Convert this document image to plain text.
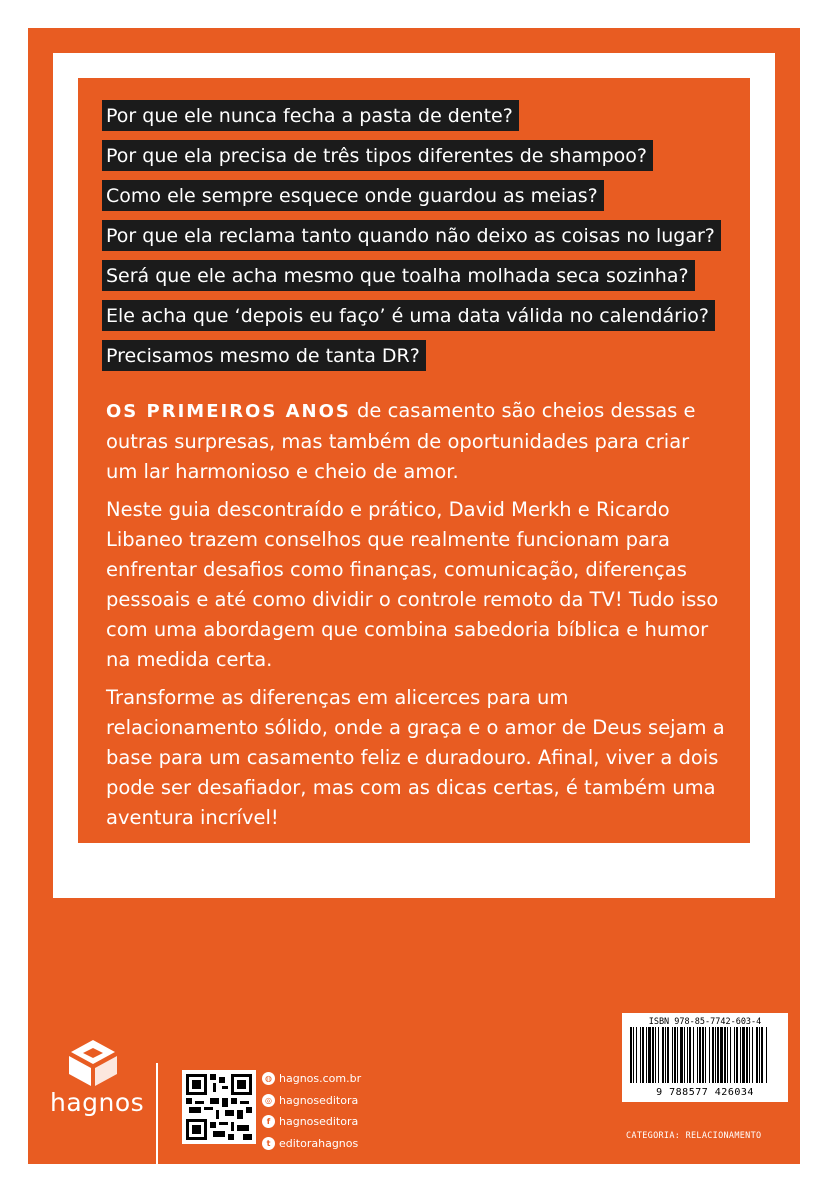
Por que ele nunca fecha a pasta de dente?
Por que ela precisa de três tipos diferentes de shampoo?
Como ele sempre esquece onde guardou as meias?
Por que ela reclama tanto quando não deixo as coisas no lugar?
Será que ele acha mesmo que toalha molhada seca sozinha?
Ele acha que ‘depois eu faço’ é uma data válida no calendário?
Precisamos mesmo de tanta DR?

OS PRIMEIROS ANOS de casamento são cheios dessas e outras surpresas, mas também de oportunidades para criar um lar harmonioso e cheio de amor.

Neste guia descontraído e prático, David Merkh e Ricardo Libaneo trazem conselhos que realmente funcionam para enfrentar desafios como finanças, comunicação, diferenças pessoais e até como dividir o controle remoto da TV! Tudo isso com uma abordagem que combina sabedoria bíblica e humor na medida certa.

Transforme as diferenças em alicerces para um relacionamento sólido, onde a graça e o amor de Deus sejam a base para um casamento feliz e duradouro. Afinal, viver a dois pode ser desafiador, mas com as dicas certas, é também uma aventura incrível!

hagnos
◍ hagnos.com.br
◎ hagnoseditora
f hagnoseditora
t editorahagnos
ISBN 978-85-7742-603-4
9 788577 426034
CATEGORIA: RELACIONAMENTO
